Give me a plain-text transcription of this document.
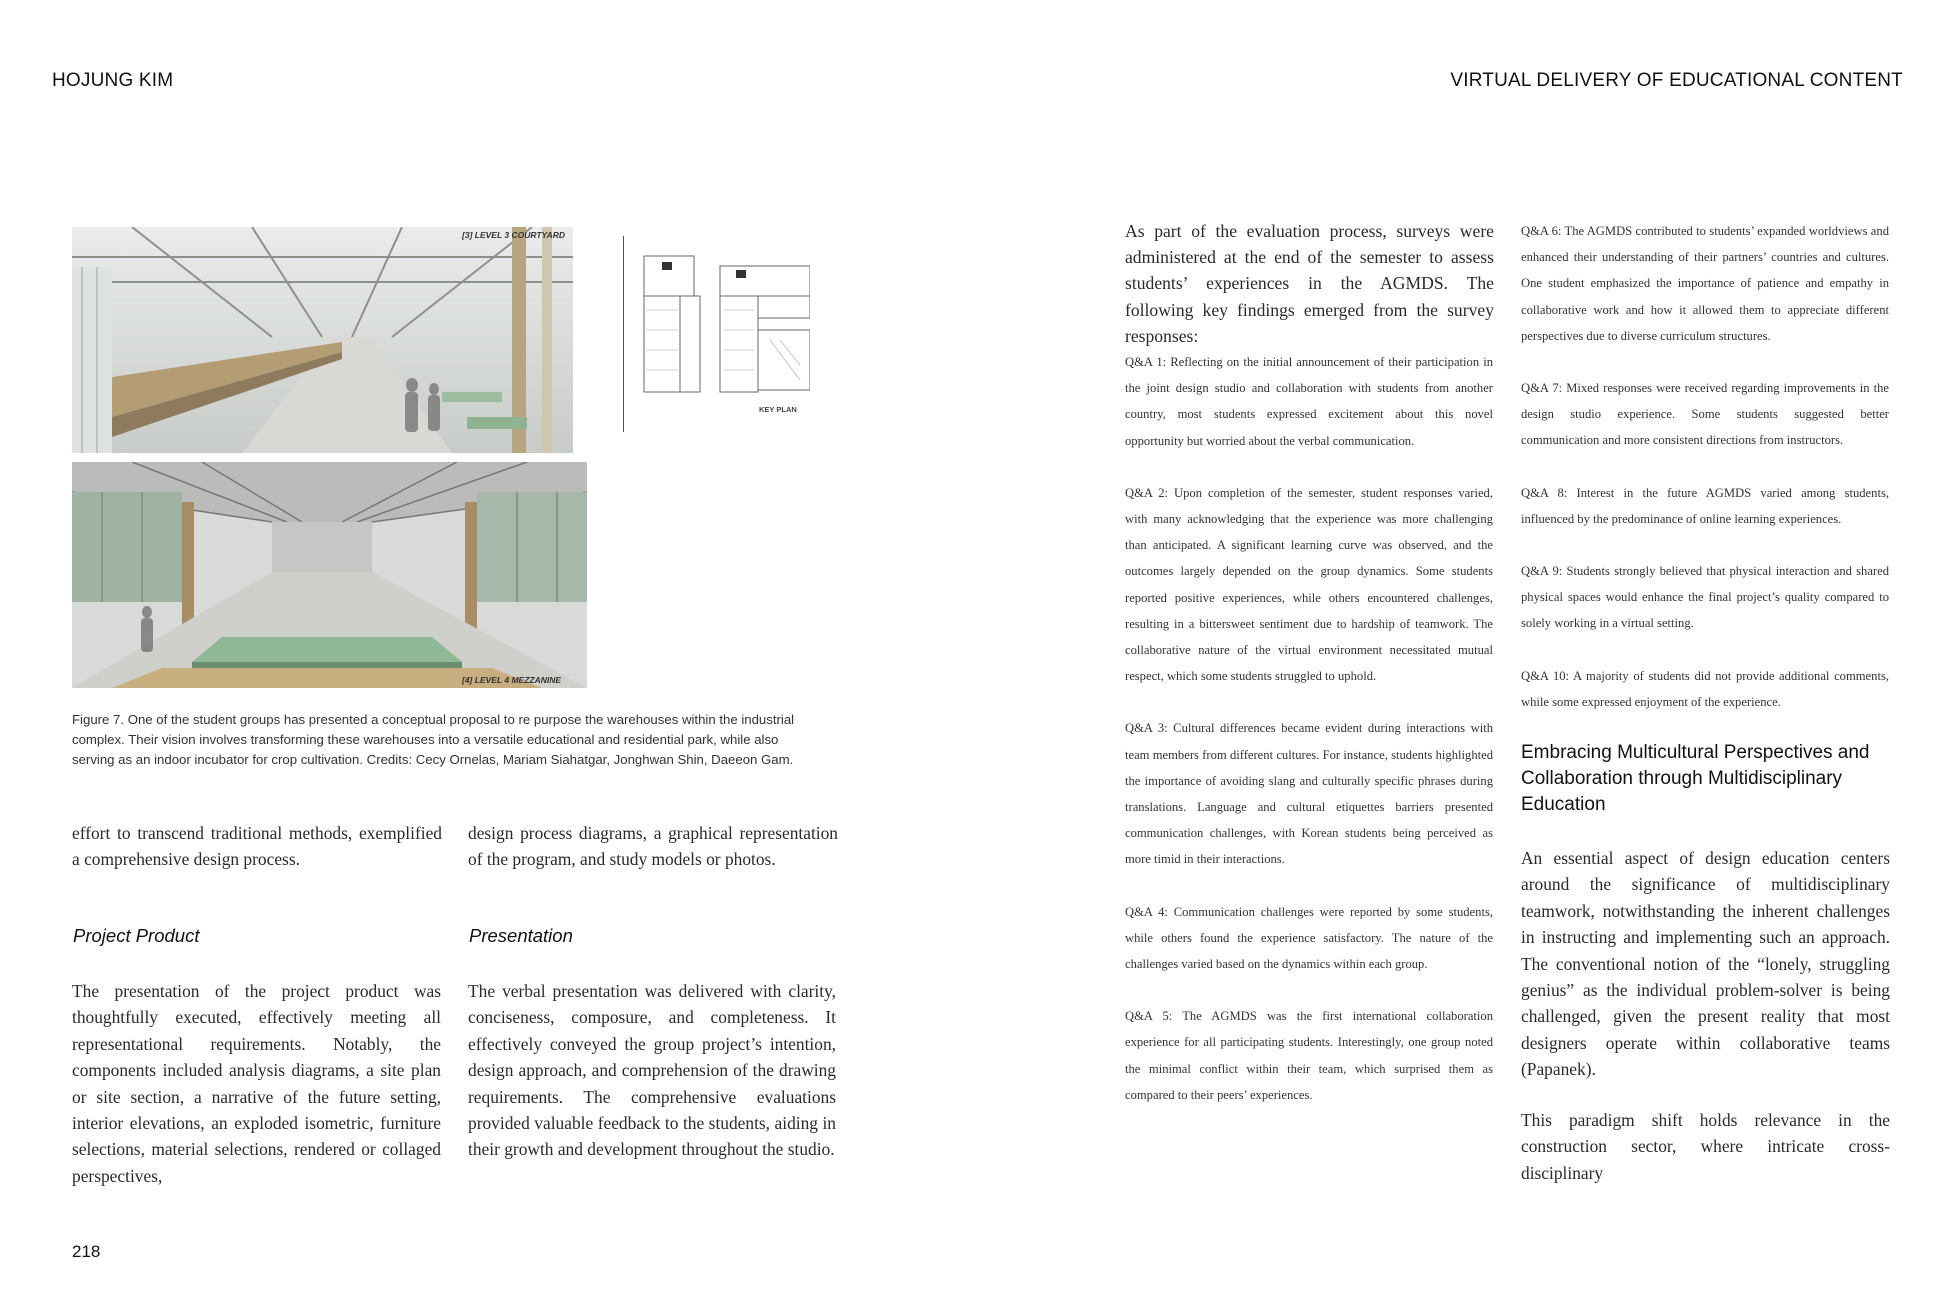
HOJUNG KIM	VIRTUAL DELIVERY OF EDUCATIONAL CONTENT
[3] LEVEL 3 COURTYARD
KEY PLAN
[4] LEVEL 4 MEZZANINE
Figure 7. One of the student groups has presented a conceptual proposal to re purpose the warehouses within the industrial complex. Their vision involves transforming these warehouses into a versatile educational and residential park, while also serving as an indoor incubator for crop cultivation. Credits: Cecy Ornelas, Mariam Siahatgar, Jonghwan Shin, Daeeon Gam.
effort to transcend traditional methods, exemplified a comprehensive design process.
design process diagrams, a graphical representation of the program, and study models or photos.
Project Product	Presentation
The presentation of the project product was thoughtfully executed, effectively meeting all representational requirements. Notably, the components included analysis diagrams, a site plan or site section, a narrative of the future setting, interior elevations, an exploded isometric, furniture selections, material selections, rendered or collaged perspectives,
The verbal presentation was delivered with clarity, conciseness, composure, and completeness. It effectively conveyed the group project’s intention, design approach, and comprehension of the drawing requirements. The comprehensive evaluations provided valuable feedback to the students, aiding in their growth and development throughout the studio.
218
As part of the evaluation process, surveys were administered at the end of the semester to assess students’ experiences in the AGMDS. The following key findings emerged from the survey responses:

Q&A 1: Reflecting on the initial announcement of their participation in the joint design studio and collaboration with students from another country, most students expressed excitement about this novel opportunity but worried about the verbal communication.

Q&A 2: Upon completion of the semester, student responses varied, with many acknowledging that the experience was more challenging than anticipated. A significant learning curve was observed, and the outcomes largely depended on the group dynamics. Some students reported positive experiences, while others encountered challenges, resulting in a bittersweet sentiment due to hardship of teamwork. The collaborative nature of the virtual environment necessitated mutual respect, which some students struggled to uphold.

Q&A 3: Cultural differences became evident during interactions with team members from different cultures. For instance, students highlighted the importance of avoiding slang and culturally specific phrases during translations. Language and cultural etiquettes barriers presented communication challenges, with Korean students being perceived as more timid in their interactions.

Q&A 4: Communication challenges were reported by some students, while others found the experience satisfactory. The nature of the challenges varied based on the dynamics within each group.

Q&A 5: The AGMDS was the first international collaboration experience for all participating students. Interestingly, one group noted the minimal conflict within their team, which surprised them as compared to their peers’ experiences.

Q&A 6: The AGMDS contributed to students’ expanded worldviews and enhanced their understanding of their partners’ countries and cultures. One student emphasized the importance of patience and empathy in collaborative work and how it allowed them to appreciate different perspectives due to diverse curriculum structures.

Q&A 7: Mixed responses were received regarding improvements in the design studio experience. Some students suggested better communication and more consistent directions from instructors.

Q&A 8: Interest in the future AGMDS varied among students, influenced by the predominance of online learning experiences.

Q&A 9: Students strongly believed that physical interaction and shared physical spaces would enhance the final project’s quality compared to solely working in a virtual setting.

Q&A 10: A majority of students did not provide additional comments, while some expressed enjoyment of the experience.

Embracing Multicultural Perspectives and Collaboration through Multidisciplinary Education
An essential aspect of design education centers around the significance of multidisciplinary teamwork, notwithstanding the inherent challenges in instructing and implementing such an approach. The conventional notion of the “lonely, struggling genius” as the individual problem-solver is being challenged, given the present reality that most designers operate within collaborative teams (Papanek).
This paradigm shift holds relevance in the construction sector, where intricate cross-disciplinary
